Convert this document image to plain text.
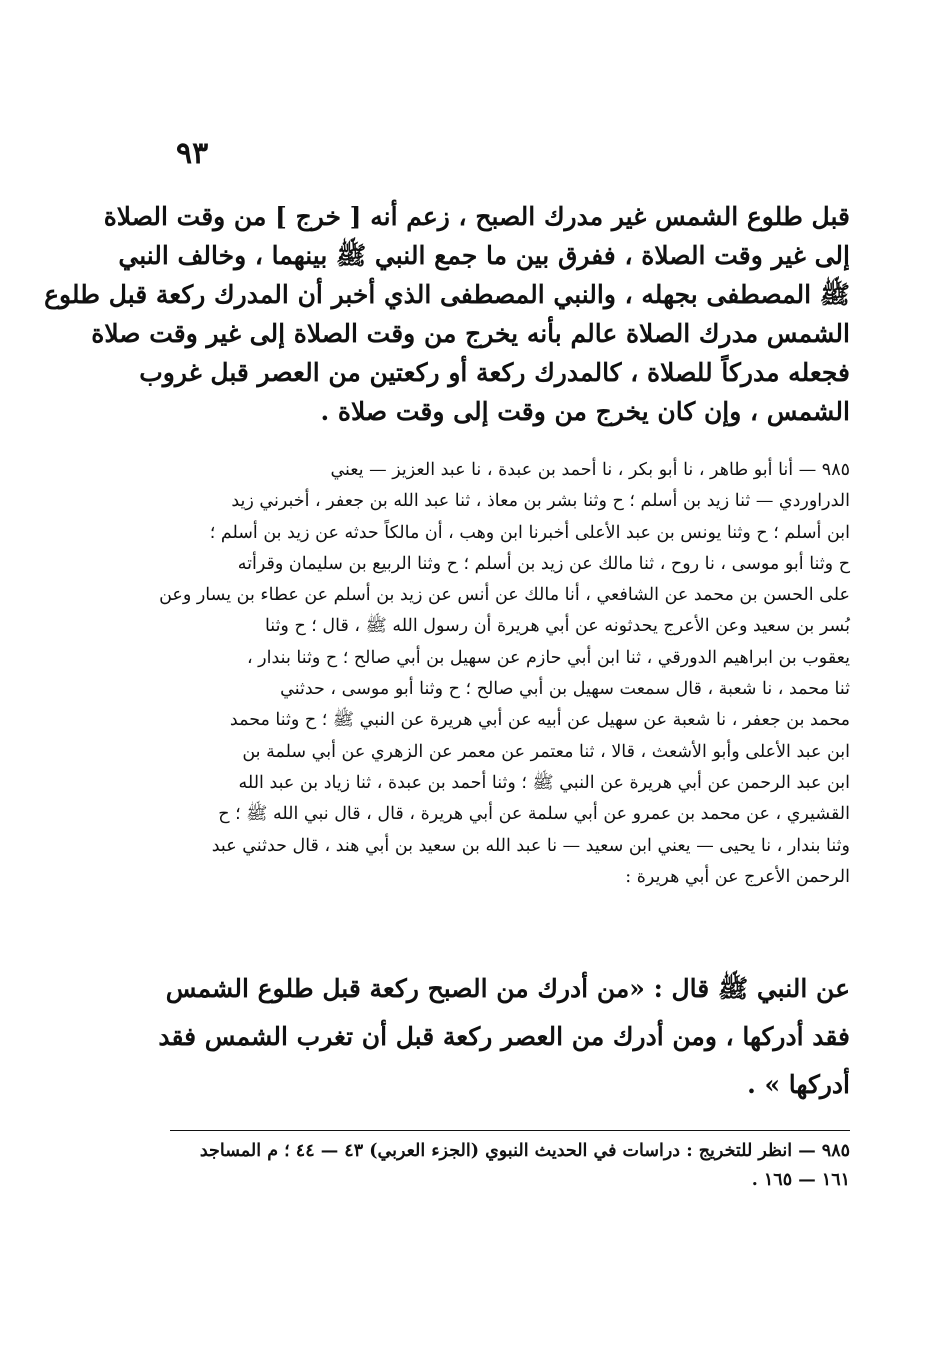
٩٣
قبل طلوع الشمس غير مدرك الصبح ، زعم أنه [ خرج ] من وقت الصلاة
إلى غير وقت الصلاة ، ففرق بين ما جمع النبي ﷺ بينهما ، وخالف النبي
ﷺ المصطفى بجهله ، والنبي المصطفى الذي أخبر أن المدرك ركعة قبل طلوع
الشمس مدرك الصلاة عالم بأنه يخرج من وقت الصلاة إلى غير وقت صلاة
فجعله مدركاً للصلاة ، كالمدرك ركعة أو ركعتين من العصر قبل غروب
الشمس ، وإن كان يخرج من وقت إلى وقت صلاة .
٩٨٥ — أنا أبو طاهر ، نا أبو بكر ، نا أحمد بن عبدة ، نا عبد العزيز — يعني
الدراوردي — ثنا زيد بن أسلم ؛ ح وثنا بشر بن معاذ ، ثنا عبد الله بن جعفر ، أخبرني زيد
ابن أسلم ؛ ح وثنا يونس بن عبد الأعلى أخبرنا ابن وهب ، أن مالكاً حدثه عن زيد بن أسلم ؛
ح وثنا أبو موسى ، نا روح ، ثنا مالك عن زيد بن أسلم ؛ ح وثنا الربيع بن سليمان وقرأته
على الحسن بن محمد عن الشافعي ، أنا مالك عن أنس عن زيد بن أسلم عن عطاء بن يسار وعن
بُسر بن سعيد وعن الأعرج يحدثونه عن أبي هريرة أن رسول الله ﷺ ، قال ؛ ح وثنا
يعقوب بن ابراهيم الدورقي ، ثنا ابن أبي حازم عن سهيل بن أبي صالح ؛ ح وثنا بندار ،
ثنا محمد ، نا شعبة ، قال سمعت سهيل بن أبي صالح ؛ ح وثنا أبو موسى ، حدثني
محمد بن جعفر ، نا شعبة عن سهيل عن أبيه عن أبي هريرة عن النبي ﷺ ؛ ح وثنا محمد
ابن عبد الأعلى وأبو الأشعث ، قالا ، ثنا معتمر عن معمر عن الزهري عن أبي سلمة بن
ابن عبد الرحمن عن أبي هريرة عن النبي ﷺ ؛ وثنا أحمد بن عبدة ، ثنا زياد بن عبد الله
القشيري ، عن محمد بن عمرو عن أبي سلمة عن أبي هريرة ، قال ، قال نبي الله ﷺ ؛ ح
وثنا بندار ، نا يحيى — يعني ابن سعيد — نا عبد الله بن سعيد بن أبي هند ، قال حدثني عبد
الرحمن الأعرج عن أبي هريرة :
عن النبي ﷺ قال : «من أدرك من الصبح ركعة قبل طلوع الشمس
فقد أدركها ، ومن أدرك من العصر ركعة قبل أن تغرب الشمس فقد
أدركها » .
٩٨٥ — انظر للتخريج : دراسات في الحديث النبوي (الجزء العربي) ٤٣ — ٤٤ ؛ م المساجد
١٦١ — ١٦٥ .
